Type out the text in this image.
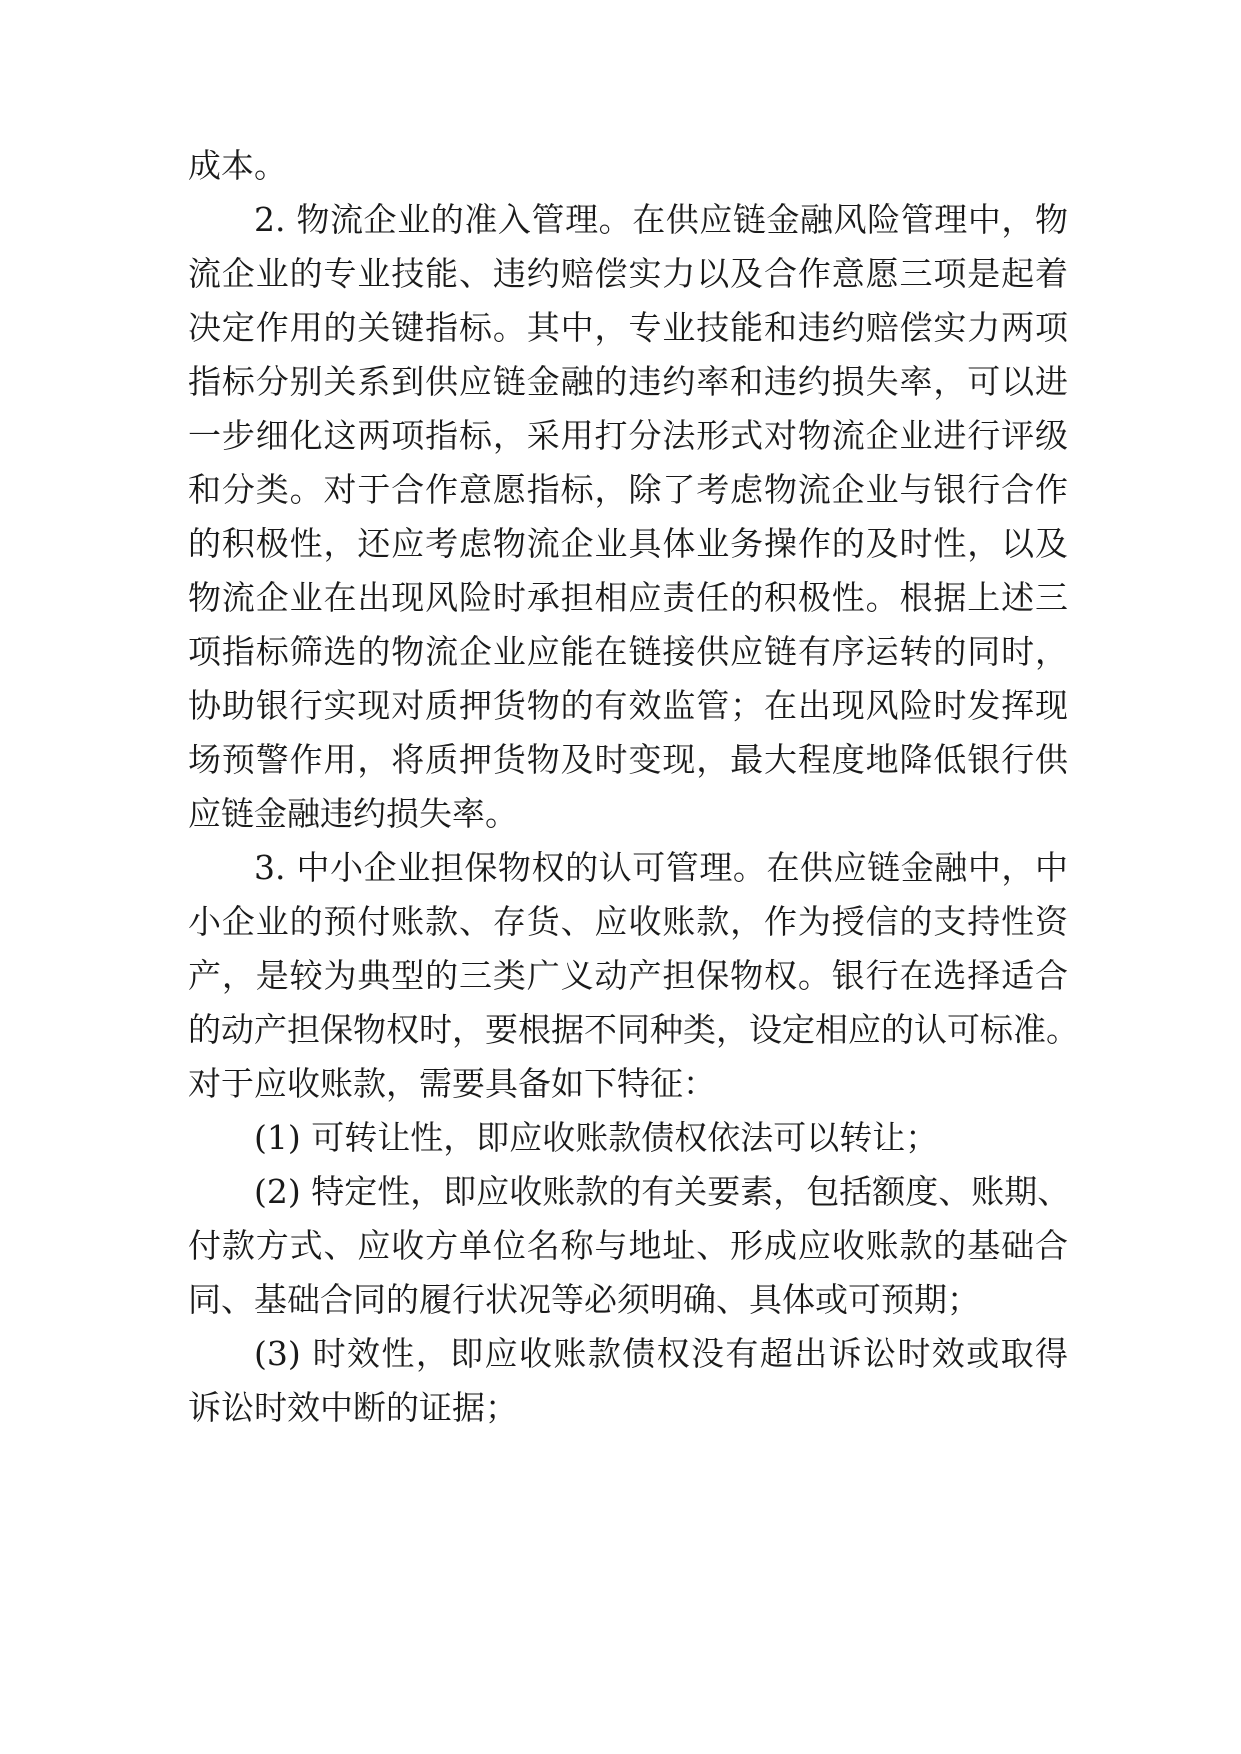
成本。
2. 物流企业的准入管理。在供应链金融风险管理中，物
流企业的专业技能、违约赔偿实力以及合作意愿三项是起着
决定作用的关键指标。其中，专业技能和违约赔偿实力两项
指标分别关系到供应链金融的违约率和违约损失率，可以进
一步细化这两项指标，采用打分法形式对物流企业进行评级
和分类。对于合作意愿指标，除了考虑物流企业与银行合作
的积极性，还应考虑物流企业具体业务操作的及时性，以及
物流企业在出现风险时承担相应责任的积极性。根据上述三
项指标筛选的物流企业应能在链接供应链有序运转的同时，
协助银行实现对质押货物的有效监管；在出现风险时发挥现
场预警作用，将质押货物及时变现，最大程度地降低银行供
应链金融违约损失率。
3. 中小企业担保物权的认可管理。在供应链金融中，中
小企业的预付账款、存货、应收账款，作为授信的支持性资
产，是较为典型的三类广义动产担保物权。银行在选择适合
的动产担保物权时，要根据不同种类，设定相应的认可标准。
对于应收账款，需要具备如下特征：
(1) 可转让性，即应收账款债权依法可以转让；
(2) 特定性，即应收账款的有关要素，包括额度、账期、
付款方式、应收方单位名称与地址、形成应收账款的基础合
同、基础合同的履行状况等必须明确、具体或可预期；
(3) 时效性，即应收账款债权没有超出诉讼时效或取得
诉讼时效中断的证据；
